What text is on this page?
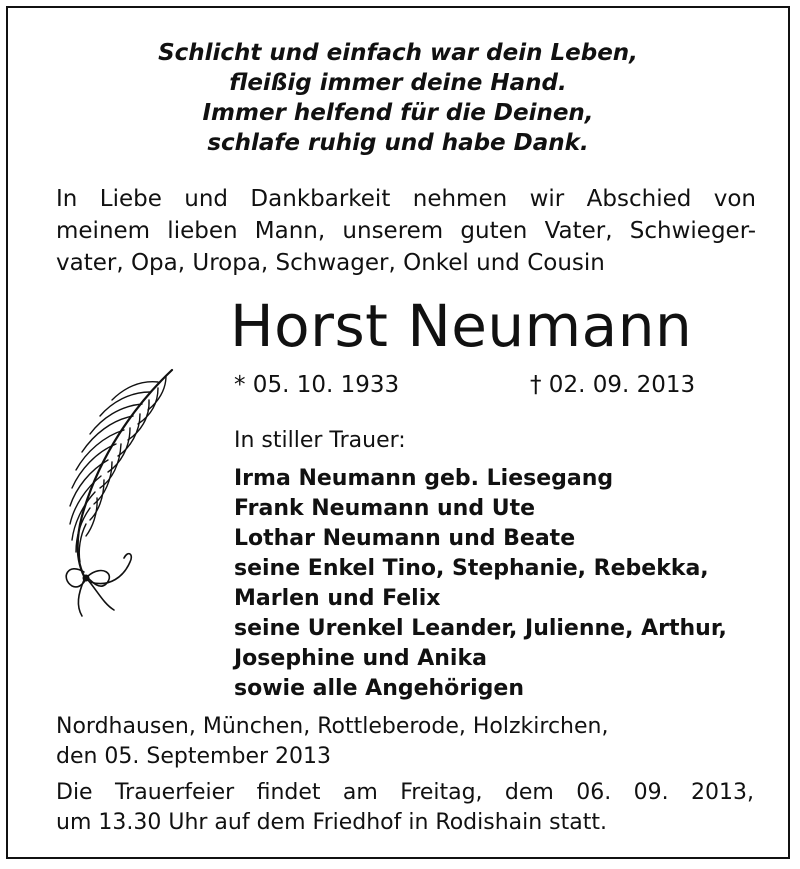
Schlicht und einfach war dein Leben,
fleißig immer deine Hand.
Immer helfend für die Deinen,
schlafe ruhig und habe Dank.
In Liebe und Dankbarkeit nehmen wir Abschied von
meinem lieben Mann, unserem guten Vater, Schwieger-
vater, Opa, Uropa, Schwager, Onkel und Cousin
Horst Neumann
* 05. 10. 1933	† 02. 09. 2013
In stiller Trauer:
Irma Neumann geb. Liesegang
Frank Neumann und Ute
Lothar Neumann und Beate
seine Enkel Tino, Stephanie, Rebekka,
Marlen und Felix
seine Urenkel Leander, Julienne, Arthur,
Josephine und Anika
sowie alle Angehörigen
Nordhausen, München, Rottleberode, Holzkirchen,
den 05. September 2013
Die Trauerfeier findet am Freitag, dem 06. 09. 2013,
um 13.30 Uhr auf dem Friedhof in Rodishain statt.
